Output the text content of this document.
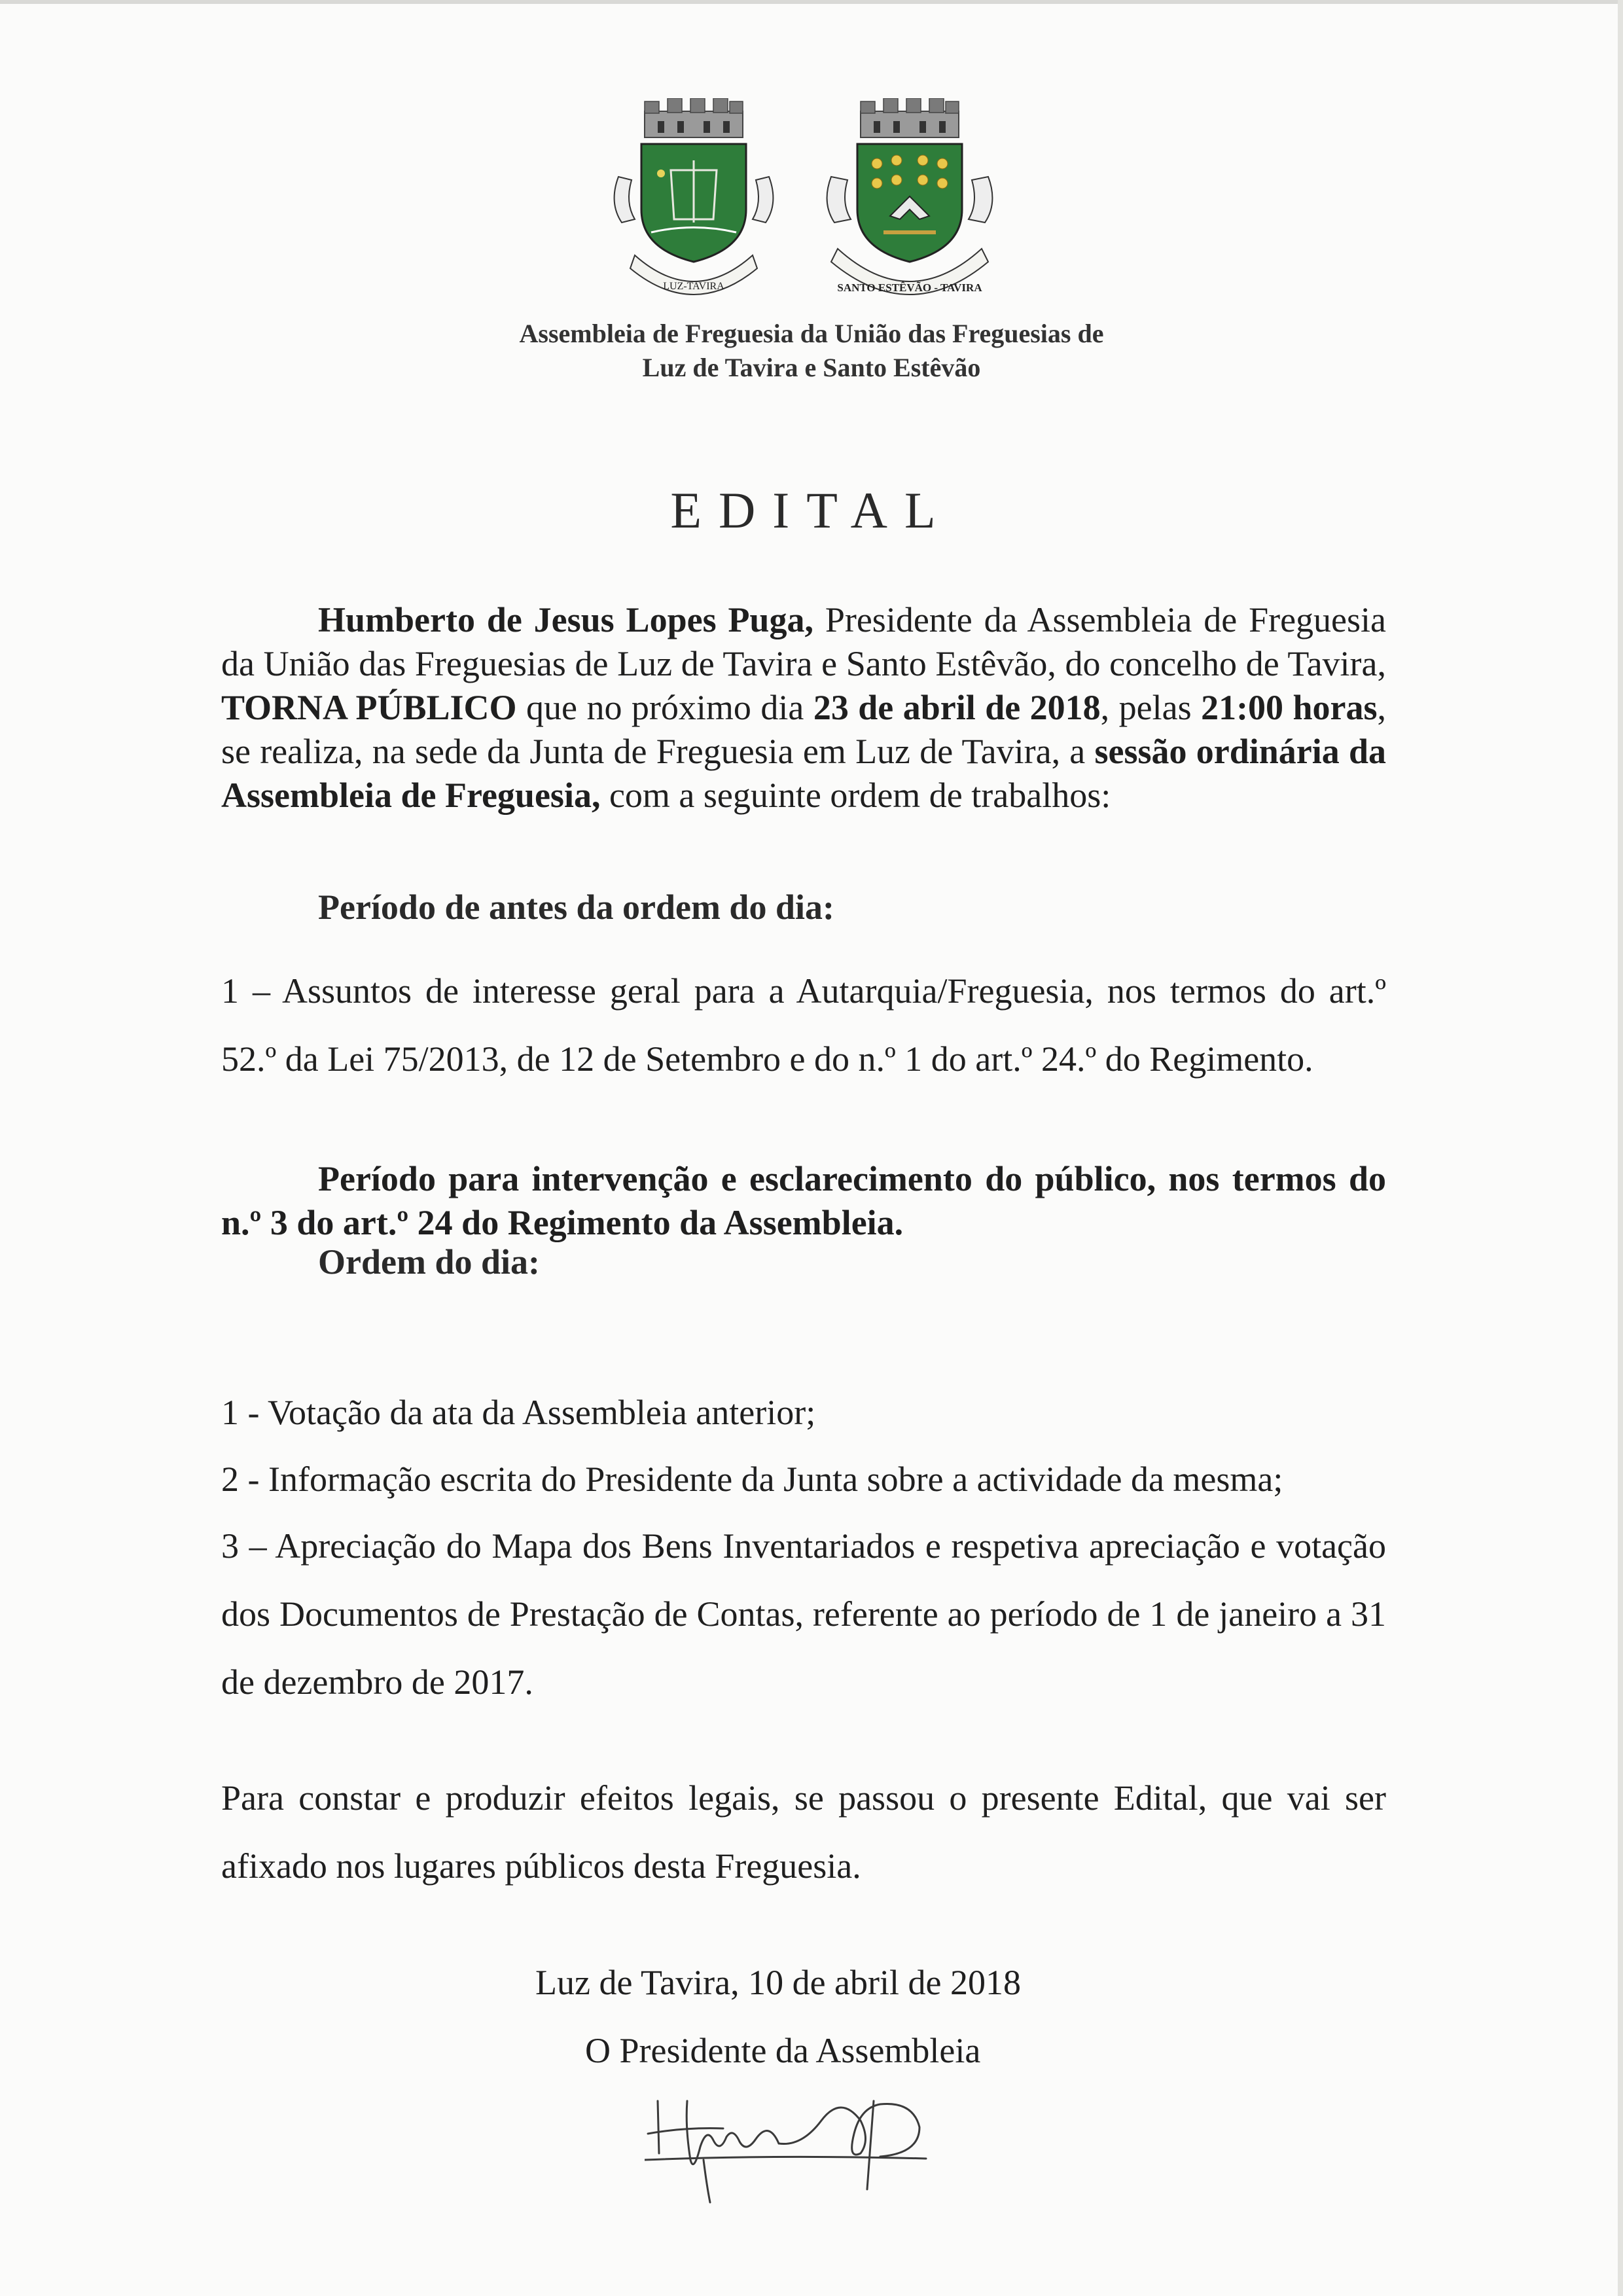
LUZ-TAVIRA	SANTO ESTÊVÃO - TAVIRA
Assembleia de Freguesia da União das Freguesias de
Luz de Tavira e Santo Estêvão
EDITAL
Humberto de Jesus Lopes Puga, Presidente da Assembleia de Freguesia da União das Freguesias de Luz de Tavira e Santo Estêvão, do concelho de Tavira, TORNA PÚBLICO que no próximo dia 23 de abril de 2018, pelas 21:00 horas, se realiza, na sede da Junta de Freguesia em Luz de Tavira, a sessão ordinária da Assembleia de Freguesia, com a seguinte ordem de trabalhos:
Período de antes da ordem do dia:
1 – Assuntos de interesse geral para a Autarquia/Freguesia, nos termos do art.º 52.º da Lei 75/2013, de 12 de Setembro e do n.º 1 do art.º 24.º do Regimento.
Período para intervenção e esclarecimento do público, nos termos do n.º 3 do art.º 24 do Regimento da Assembleia.
Ordem do dia:
1 - Votação da ata da Assembleia anterior;
2 - Informação escrita do Presidente da Junta sobre a actividade da mesma;
3 – Apreciação do Mapa dos Bens Inventariados e respetiva apreciação e votação dos Documentos de Prestação de Contas, referente ao período de 1 de janeiro a 31 de dezembro de 2017.
Para constar e produzir efeitos legais, se passou o presente Edital, que vai ser afixado nos lugares públicos desta Freguesia.
Luz de Tavira, 10 de abril de 2018
O Presidente da Assembleia
